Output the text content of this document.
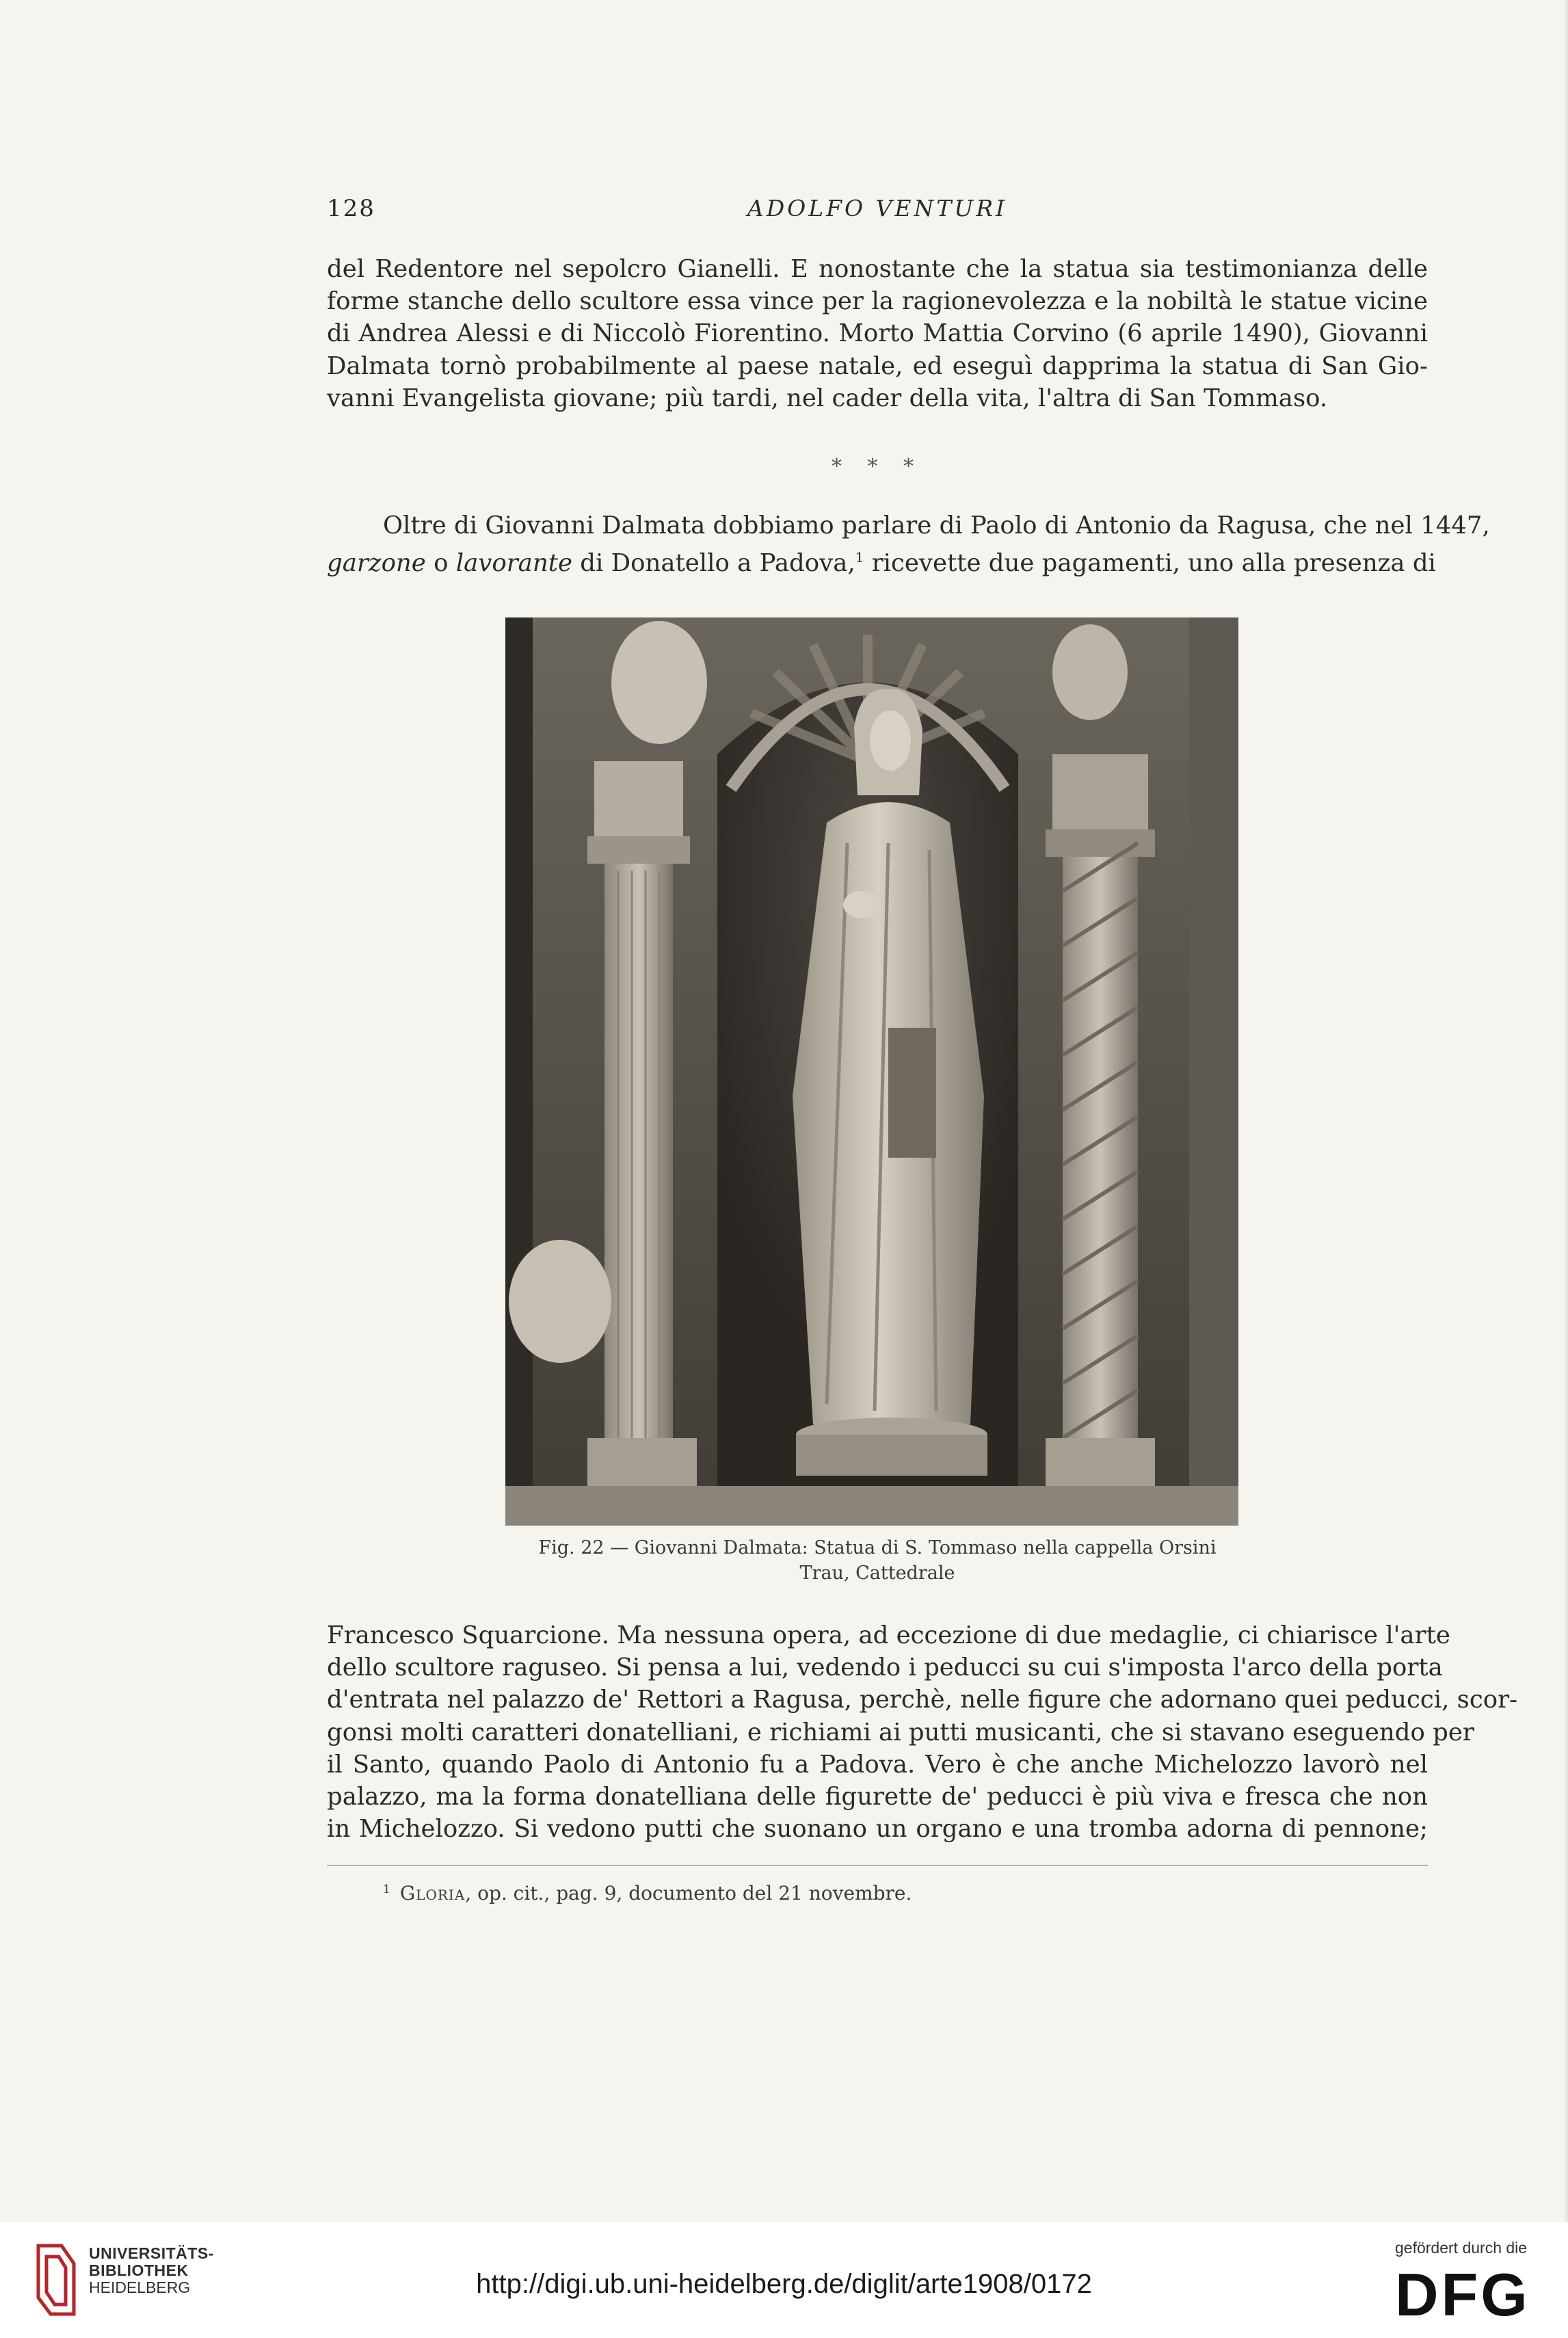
128	ADOLFO VENTURI

del Redentore nel sepolcro Gianelli. E nonostante che la statua sia testimonianza delle
forme stanche dello scultore essa vince per la ragionevolezza e la nobiltà le statue vicine
di Andrea Alessi e di Niccolò Fiorentino. Morto Mattia Corvino (6 aprile 1490), Giovanni
Dalmata tornò probabilmente al paese natale, ed eseguì dapprima la statua di San Gio-
vanni Evangelista giovane; più tardi, nel cader della vita, l'altra di San Tommaso.

* * *

Oltre di Giovanni Dalmata dobbiamo parlare di Paolo di Antonio da Ragusa, che nel 1447,
garzone o lavorante di Donatello a Padova,$^1$ ricevette due pagamenti, uno alla presenza di

Fig. 22 — Giovanni Dalmata: Statua di S. Tommaso nella cappella Orsini
Trau, Cattedrale

Francesco Squarcione. Ma nessuna opera, ad eccezione di due medaglie, ci chiarisce l'arte
dello scultore raguseo. Si pensa a lui, vedendo i peducci su cui s'imposta l'arco della porta
d'entrata nel palazzo de' Rettori a Ragusa, perchè, nelle figure che adornano quei peducci, scor-
gonsi molti caratteri donatelliani, e richiami ai putti musicanti, che si stavano eseguendo per
il Santo, quando Paolo di Antonio fu a Padova. Vero è che anche Michelozzo lavorò nel
palazzo, ma la forma donatelliana delle figurette de' peducci è più viva e fresca che non
in Michelozzo. Si vedono putti che suonano un organo e una tromba adorna di pennone;

$^1$ Gloria, op. cit., pag. 9, documento del 21 novembre.
UNIVERSITÄTS-
BIBLIOTHEK
HEIDELBERG	http://digi.ub.uni-heidelberg.de/diglit/arte1908/0172
gefördert durch die
DFG
